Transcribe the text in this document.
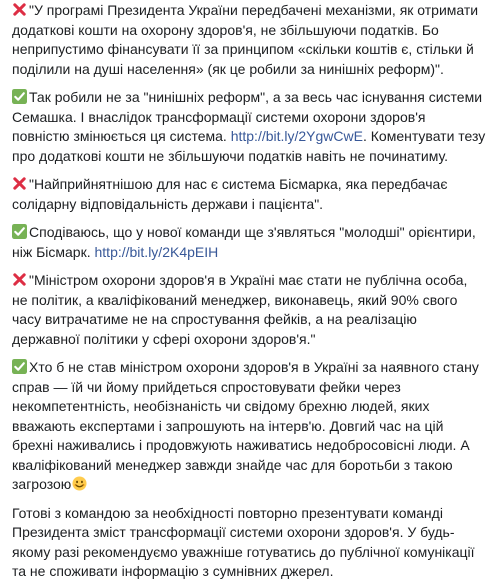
"У програмі Президента України передбачені механізми, як отримати додаткові кошти на охорону здоров'я, не збільшуючи податків. Бо неприпустимо фінансувати її за принципом «скільки коштів є, стільки й поділили на душі населення» (як це робили за нинішніх реформ)".

Так робили не за "нинішніх реформ", а за весь час існування системи Семашка. І внаслідок трансформації системи охорони здоров'я повністю змінюється ця система. http://bit.ly/2YgwCwE. Коментувати тезу про додаткові кошти не збільшуючи податків навіть не починатиму.

"Найприйнятнішою для нас є система Бісмарка, яка передбачає солідарну відповідальність держави і пацієнта".

Сподіваюсь, що у нової команди ще з'являться "молодші" орієнтири, ніж Бісмарк. http://bit.ly/2K4pEIH

"Міністром охорони здоров'я в Україні має стати не публічна особа, не політик, а кваліфікований менеджер, виконавець, який 90% свого часу витрачатиме не на спростування фейків, а на реалізацію державної політики у сфері охорони здоров'я."

Хто б не став міністром охорони здоров'я в Україні за наявного стану справ — їй чи йому прийдеться спростовувати фейки через некомпетентність, необізнаність чи свідому брехню людей, яких вважають експертами і запрошують на інтерв'ю. Довгий час на цій брехні наживались і продовжують наживатись недобросовісні люди. А кваліфікований менеджер завжди знайде час для боротьби з такою загрозою

Готові з командою за необхідності повторно презентувати команді Президента зміст трансформації системи охорони здоров'я. У будь-якому разі рекомендуємо уважніше готуватись до публічної комунікації та не споживати інформацію з сумнівних джерел.
